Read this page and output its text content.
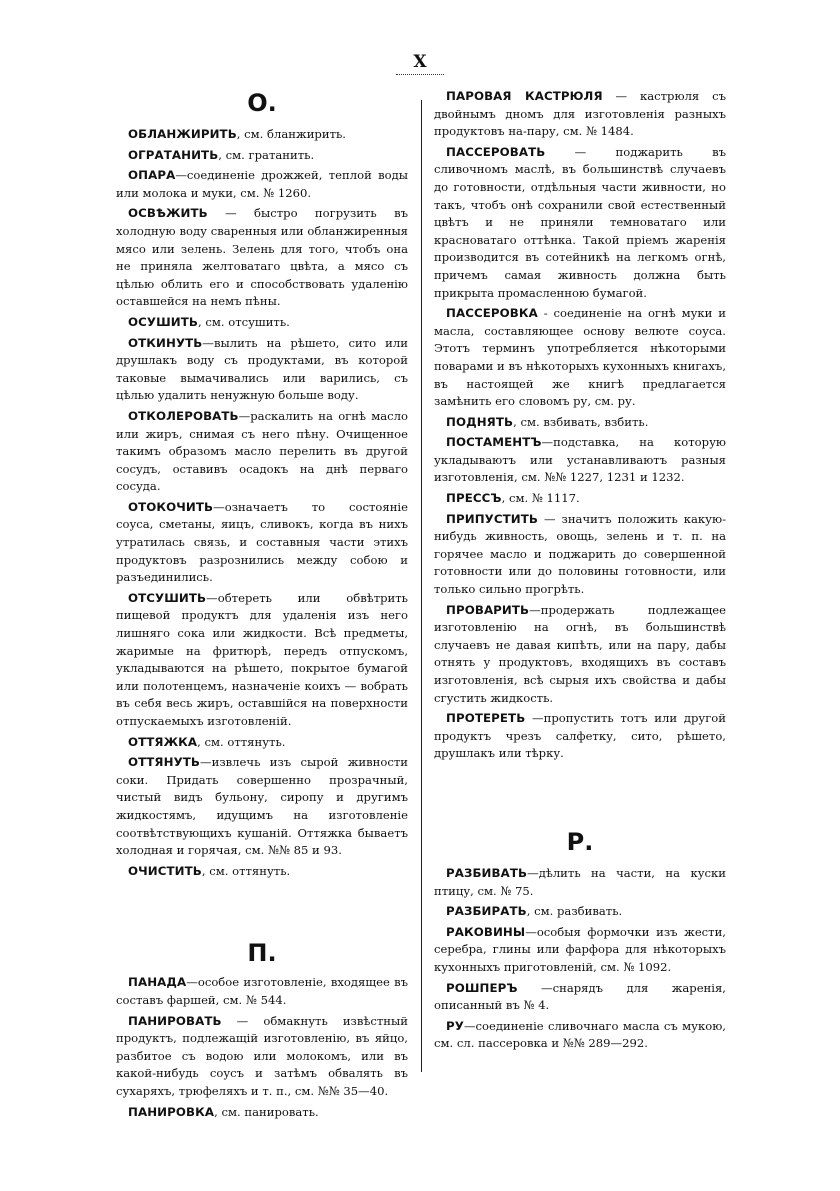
X
О.

ОБЛАНЖИРИТЬ, см. бланжирить.

ОГРАТАНИТЬ, см. гратанить.

ОПАРА—соединеніе дрожжей, теплой воды или молока и муки, см. № 1260.

ОСВѢЖИТЬ — быстро погрузить въ холодную воду сваренныя или обланжиренныя мясо или зелень. Зелень для того, чтобъ она не приняла желтоватаго цвѣта, а мясо съ цѣлью облить его и способствовать удаленію оставшейся на немъ пѣны.

ОСУШИТЬ, см. отсушить.

ОТКИНУТЬ—вылить на рѣшето, сито или друшлакъ воду съ продуктами, въ которой таковые вымачивались или варились, съ цѣлью удалить ненужную больше воду.

ОТКОЛЕРОВАТЬ—раскалить на огнѣ масло или жиръ, снимая съ него пѣну. Очищенное такимъ образомъ масло перелить въ другой сосудъ, оставивъ осадокъ на днѣ перваго сосуда.

ОТОКОЧИТЬ—означаетъ то состояніе соуса, сметаны, яицъ, сливокъ, когда въ нихъ утратилась связь, и составныя части этихъ продуктовъ разрознились между собою и разъединились.

ОТСУШИТЬ—обтереть или обвѣтрить пищевой продуктъ для удаленія изъ него лишняго сока или жидкости. Всѣ предметы, жаримые на фритюрѣ, передъ отпускомъ, укладываются на рѣшето, покрытое бумагой или полотенцемъ, назначеніе коихъ — вобрать въ себя весь жиръ, оставшійся на поверхности отпускаемыхъ изготовленій.

ОТТЯЖКА, см. оттянуть.

ОТТЯНУТЬ—извлечь изъ сырой живности соки. Придать совершенно прозрачный, чистый видъ бульону, сиропу и другимъ жидкостямъ, идущимъ на изготовленіе соотвѣтствующихъ кушаній. Оттяжка бываетъ холодная и горячая, см. №№ 85 и 93.

ОЧИСТИТЬ, см. оттянуть.

П.

ПАНАДА—особое изготовленіе, входящее въ составъ фаршей, см. № 544.

ПАНИРОВАТЬ — обмакнуть извѣстный продуктъ, подлежащій изготовленію, въ яйцо, разбитое съ водою или молокомъ, или въ какой-нибудь соусъ и затѣмъ обвалять въ сухаряхъ, трюфеляхъ и т. п., см. №№ 35—40.

ПАНИРОВКА, см. панировать.

ПАРОВАЯ КАСТРЮЛЯ — кастрюля съ двойнымъ дномъ для изготовленія разныхъ продуктовъ на-пару, см. № 1484.

ПАССЕРОВАТЬ — поджарить въ сливочномъ маслѣ, въ большинствѣ случаевъ до готовности, отдѣльныя части живности, но такъ, чтобъ онѣ сохранили свой естественный цвѣтъ и не приняли темноватаго или красноватаго оттѣнка. Такой пріемъ жаренія производится въ сотейникѣ на легкомъ огнѣ, причемъ самая живность должна быть прикрыта промасленною бумагой.

ПАССЕРОВКА - соединеніе на огнѣ муки и масла, составляющее основу велюте соуса. Этотъ терминъ употребляется нѣкоторыми поварами и въ нѣкоторыхъ кухонныхъ книгахъ, въ настоящей же книгѣ предлагается замѣнить его словомъ ру, см. ру.

ПОДНЯТЬ, см. взбивать, взбить.

ПОСТАМЕНТЪ—подставка, на которую укладываютъ или устанавливаютъ разныя изготовленія, см. №№ 1227, 1231 и 1232.

ПРЕССЪ, см. № 1117.

ПРИПУСТИТЬ — значитъ положить какую-нибудь живность, овощь, зелень и т. п. на горячее масло и поджарить до совершенной готовности или до половины готовности, или только сильно прогрѣть.

ПРОВАРИТЬ—продержать подлежащее изготовленію на огнѣ, въ большинствѣ случаевъ не давая кипѣть, или на пару, дабы отнять у продуктовъ, входящихъ въ составъ изготовленія, всѣ сырыя ихъ свойства и дабы сгустить жидкость.

ПРОТЕРЕТЬ —пропустить тотъ или другой продуктъ чрезъ салфетку, сито, рѣшето, друшлакъ или тѣрку.

Р.

РАЗБИВАТЬ—дѣлить на части, на куски птицу, см. № 75.

РАЗБИРАТЬ, см. разбивать.

РАКОВИНЫ—особыя формочки изъ жести, серебра, глины или фарфора для нѣкоторыхъ кухонныхъ приготовленій, см. № 1092.

РОШПЕРЪ —снарядъ для жаренія, описанный въ № 4.

РУ—соединеніе сливочнаго масла съ мукою, см. сл. пассеровка и №№ 289—292.
